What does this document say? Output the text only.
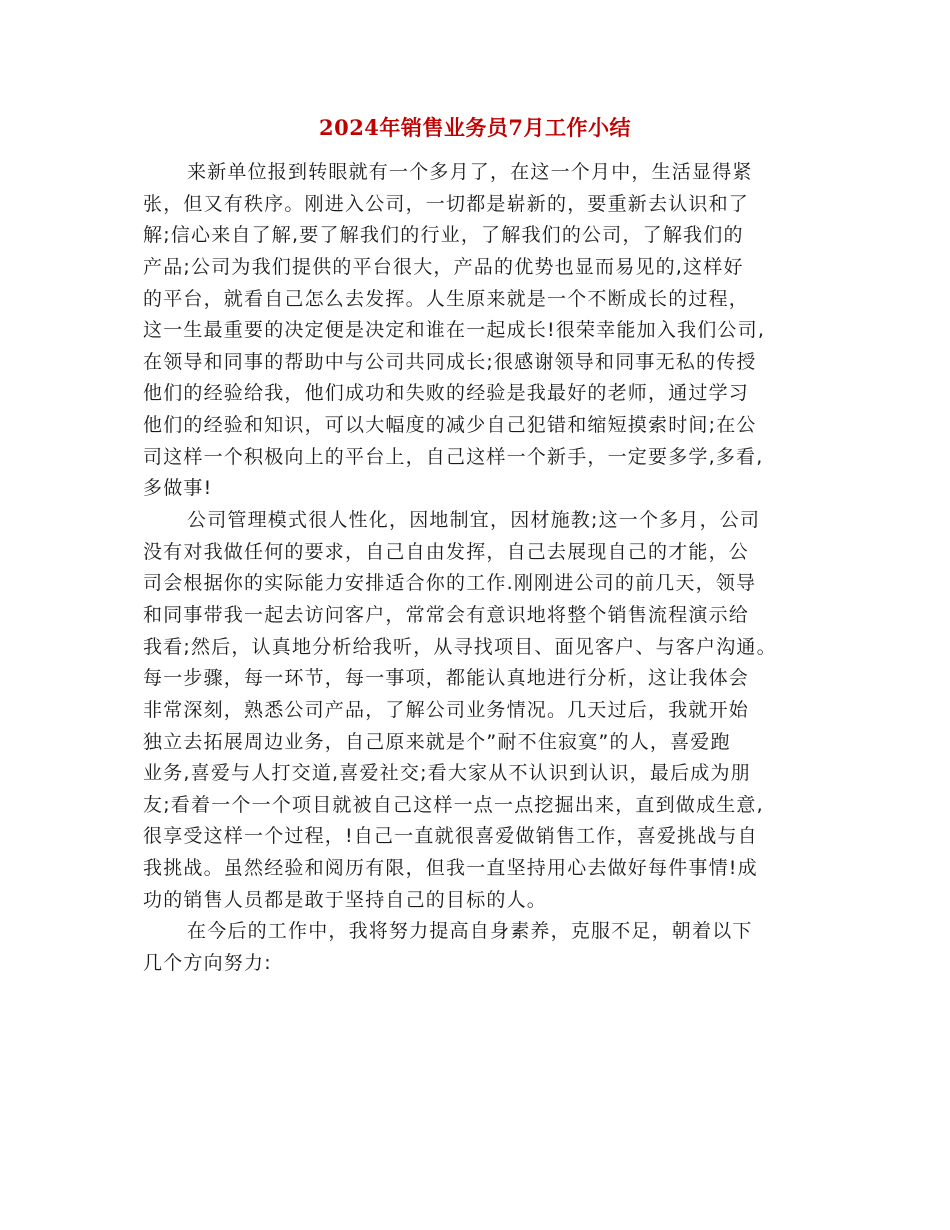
2024年销售业务员7月工作小结
来新单位报到转眼就有一个多月了，在这一个月中，生活显得紧
张，但又有秩序。刚进入公司，一切都是崭新的，要重新去认识和了
解;信心来自了解,要了解我们的行业，了解我们的公司，了解我们的
产品;公司为我们提供的平台很大，产品的优势也显而易见的,这样好
的平台，就看自己怎么去发挥。人生原来就是一个不断成长的过程，
这一生最重要的决定便是决定和谁在一起成长!很荣幸能加入我们公司,
在领导和同事的帮助中与公司共同成长;很感谢领导和同事无私的传授
他们的经验给我，他们成功和失败的经验是我最好的老师，通过学习
他们的经验和知识，可以大幅度的减少自己犯错和缩短摸索时间;在公
司这样一个积极向上的平台上，自己这样一个新手，一定要多学,多看,
多做事!
公司管理模式很人性化，因地制宜，因材施教;这一个多月，公司
没有对我做任何的要求，自己自由发挥，自己去展现自己的才能，公
司会根据你的实际能力安排适合你的工作.刚刚进公司的前几天，领导
和同事带我一起去访问客户，常常会有意识地将整个销售流程演示给
我看;然后，认真地分析给我听，从寻找项目、面见客户、与客户沟通。
每一步骤，每一环节，每一事项，都能认真地进行分析，这让我体会
非常深刻，熟悉公司产品，了解公司业务情况。几天过后，我就开始
独立去拓展周边业务，自己原来就是个”耐不住寂寞”的人，喜爱跑
业务,喜爱与人打交道,喜爱社交;看大家从不认识到认识，最后成为朋
友;看着一个一个项目就被自己这样一点一点挖掘出来，直到做成生意,
很享受这样一个过程，!自己一直就很喜爱做销售工作，喜爱挑战与自
我挑战。虽然经验和阅历有限，但我一直坚持用心去做好每件事情!成
功的销售人员都是敢于坚持自己的目标的人。
在今后的工作中，我将努力提高自身素养，克服不足，朝着以下
几个方向努力:
